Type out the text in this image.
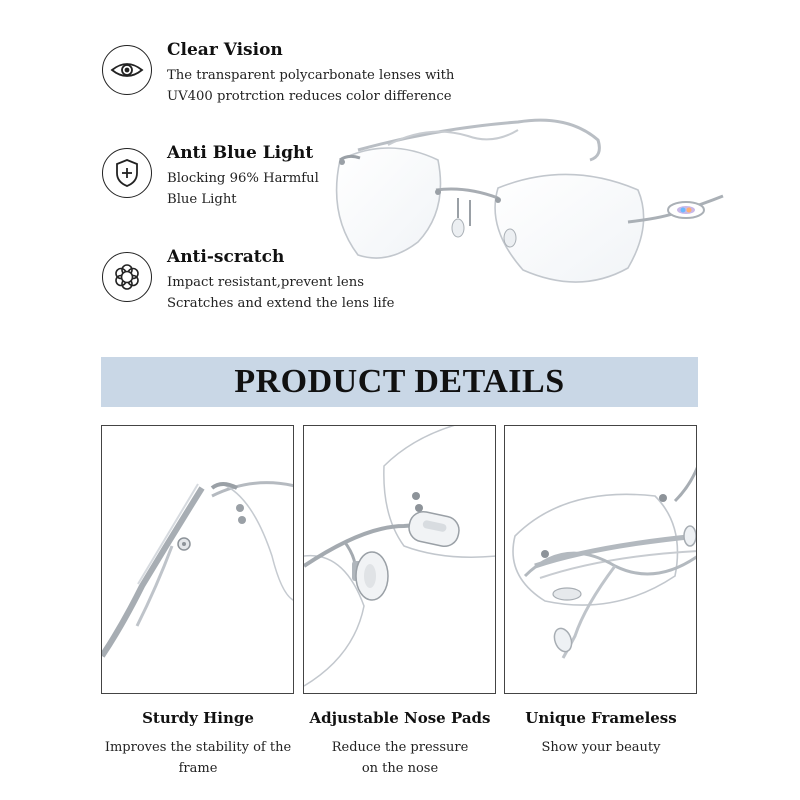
Clear Vision
The transparent polycarbonate lenses with UV400 protrction reduces color difference
Anti Blue Light
Blocking 96% Harmful Blue Light
Anti-scratch
Impact resistant,prevent lens Scratches and extend the lens life
PRODUCT DETAILS
Sturdy Hinge
Improves the stability of the frame
Adjustable Nose Pads
Reduce the pressure on the nose
Unique Frameless
Show your beauty
